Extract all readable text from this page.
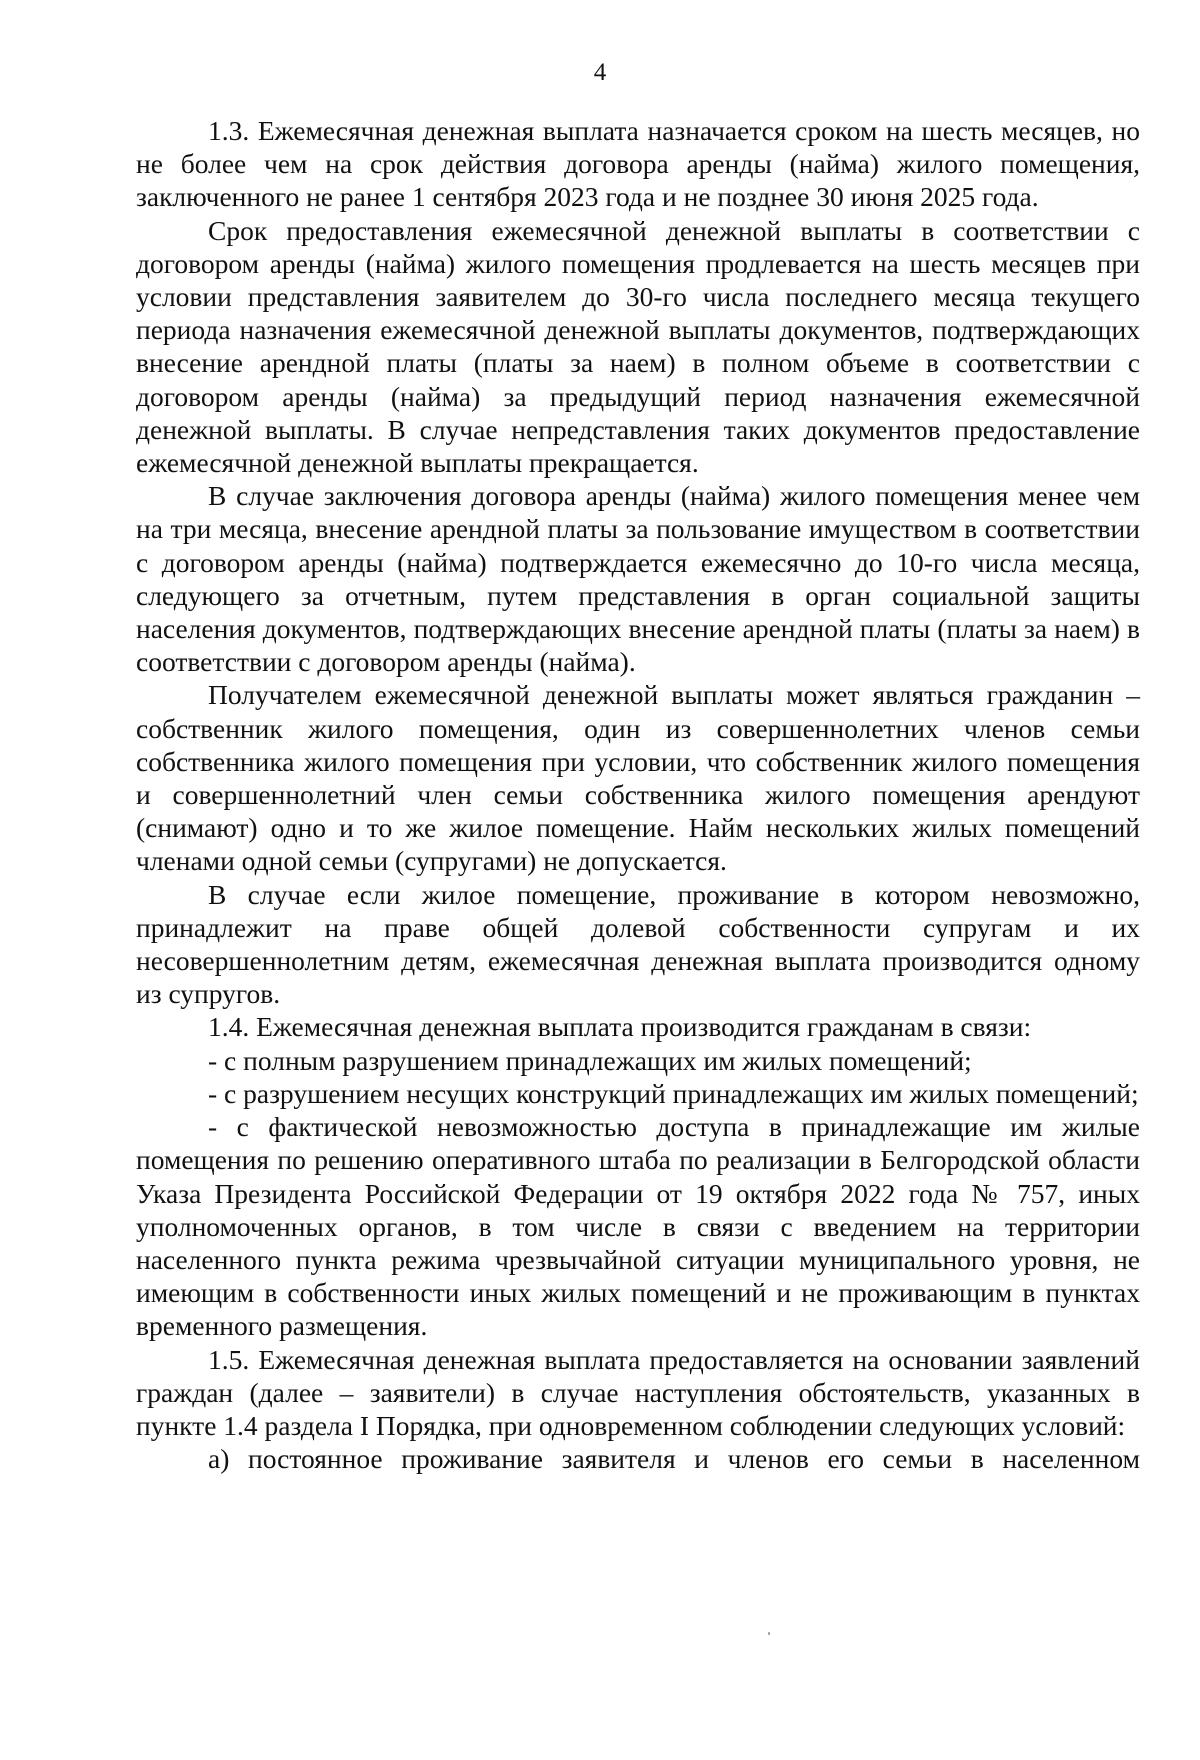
4

1.3. Ежемесячная денежная выплата назначается сроком на шесть месяцев, но не более чем на срок действия договора аренды (найма) жилого помещения, заключенного не ранее 1 сентября 2023 года и не позднее 30 июня 2025 года.

Срок предоставления ежемесячной денежной выплаты в соответствии с договором аренды (найма) жилого помещения продлевается на шесть месяцев при условии представления заявителем до 30-го числа последнего месяца текущего периода назначения ежемесячной денежной выплаты документов, подтверждающих внесение арендной платы (платы за наем) в полном объеме в соответствии с договором аренды (найма) за предыдущий период назначения ежемесячной денежной выплаты. В случае непредставления таких документов предоставление ежемесячной денежной выплаты прекращается.

В случае заключения договора аренды (найма) жилого помещения менее чем на три месяца, внесение арендной платы за пользование имуществом в соответствии с договором аренды (найма) подтверждается ежемесячно до 10-го числа месяца, следующего за отчетным, путем представления в орган социальной защиты населения документов, подтверждающих внесение арендной платы (платы за наем) в соответствии с договором аренды (найма).

Получателем ежемесячной денежной выплаты может являться гражданин – собственник жилого помещения, один из совершеннолетних членов семьи собственника жилого помещения при условии, что собственник жилого помещения и совершеннолетний член семьи собственника жилого помещения арендуют (снимают) одно и то же жилое помещение. Найм нескольких жилых помещений членами одной семьи (супругами) не допускается.

В случае если жилое помещение, проживание в котором невозможно, принадлежит на праве общей долевой собственности супругам и их несовершеннолетним детям, ежемесячная денежная выплата производится одному из супругов.

1.4. Ежемесячная денежная выплата производится гражданам в связи:

- с полным разрушением принадлежащих им жилых помещений;

- с разрушением несущих конструкций принадлежащих им жилых помещений;

- с фактической невозможностью доступа в принадлежащие им жилые помещения по решению оперативного штаба по реализации в Белгородской области Указа Президента Российской Федерации от 19 октября 2022 года № 757, иных уполномоченных органов, в том числе в связи с введением на территории населенного пункта режима чрезвычайной ситуации муниципального уровня, не имеющим в собственности иных жилых помещений и не проживающим в пунктах временного размещения.

1.5. Ежемесячная денежная выплата предоставляется на основании заявлений граждан (далее – заявители) в случае наступления обстоятельств, указанных в пункте 1.4 раздела I Порядка, при одновременном соблюдении следующих условий:

а) постоянное проживание заявителя и членов его семьи в населенном
